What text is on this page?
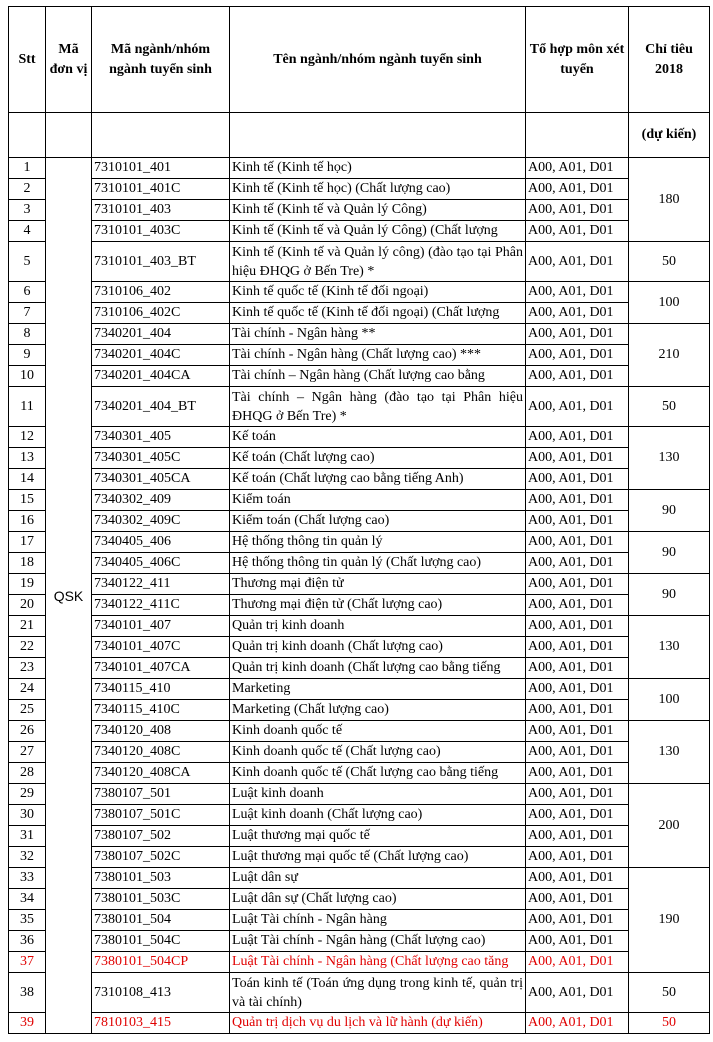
Stt	Mã đơn vị	Mã ngành/nhóm ngành tuyển sinh	Tên ngành/nhóm ngành tuyển sinh	Tổ hợp môn xét tuyển	Chỉ tiêu 2018
					(dự kiến)
1	QSK	7310101_401	Kinh tế (Kinh tế học)	A00, A01, D01	180
2		7310101_401C	Kinh tế (Kinh tế học) (Chất lượng cao)	A00, A01, D01	
3		7310101_403	Kinh tế (Kinh tế và Quản lý Công)	A00, A01, D01	
4		7310101_403C	Kinh tế (Kinh tế và Quản lý Công) (Chất lượng	A00, A01, D01	
5		7310101_403_BT	Kinh tế (Kinh tế và Quản lý công) (đào tạo tại Phân hiệu ĐHQG ở Bến Tre) *	A00, A01, D01	50
6		7310106_402	Kinh tế quốc tế (Kinh tế đối ngoại)	A00, A01, D01	100
7		7310106_402C	Kinh tế quốc tế (Kinh tế đối ngoại) (Chất lượng	A00, A01, D01	
8		7340201_404	Tài chính - Ngân hàng **	A00, A01, D01	210
9		7340201_404C	Tài chính - Ngân hàng (Chất lượng cao) ***	A00, A01, D01	
10		7340201_404CA	Tài chính – Ngân hàng (Chất lượng cao bằng	A00, A01, D01	
11		7340201_404_BT	Tài chính – Ngân hàng (đào tạo tại Phân hiệu ĐHQG ở Bến Tre) *	A00, A01, D01	50
12		7340301_405	Kế toán	A00, A01, D01	130
13		7340301_405C	Kế toán (Chất lượng cao)	A00, A01, D01	
14		7340301_405CA	Kế toán (Chất lượng cao bằng tiếng Anh)	A00, A01, D01	
15		7340302_409	Kiểm toán	A00, A01, D01	90
16		7340302_409C	Kiểm toán (Chất lượng cao)	A00, A01, D01	
17		7340405_406	Hệ thống thông tin quản lý	A00, A01, D01	90
18		7340405_406C	Hệ thống thông tin quản lý (Chất lượng cao)	A00, A01, D01	
19		7340122_411	Thương mại điện tử	A00, A01, D01	90
20		7340122_411C	Thương mại điện tử (Chất lượng cao)	A00, A01, D01	
21		7340101_407	Quản trị kinh doanh	A00, A01, D01	130
22		7340101_407C	Quản trị kinh doanh (Chất lượng cao)	A00, A01, D01	
23		7340101_407CA	Quản trị kinh doanh (Chất lượng cao bằng tiếng	A00, A01, D01	
24		7340115_410	Marketing	A00, A01, D01	100
25		7340115_410C	Marketing (Chất lượng cao)	A00, A01, D01	
26		7340120_408	Kinh doanh quốc tế	A00, A01, D01	130
27		7340120_408C	Kinh doanh quốc tế (Chất lượng cao)	A00, A01, D01	
28		7340120_408CA	Kinh doanh quốc tế (Chất lượng cao bằng tiếng	A00, A01, D01	
29		7380107_501	Luật kinh doanh	A00, A01, D01	200
30		7380107_501C	Luật kinh doanh (Chất lượng cao)	A00, A01, D01	
31		7380107_502	Luật thương mại quốc tế	A00, A01, D01	
32		7380107_502C	Luật thương mại quốc tế (Chất lượng cao)	A00, A01, D01	
33		7380101_503	Luật dân sự	A00, A01, D01	190
34		7380101_503C	Luật dân sự (Chất lượng cao)	A00, A01, D01	
35		7380101_504	Luật Tài chính - Ngân hàng	A00, A01, D01	
36		7380101_504C	Luật Tài chính - Ngân hàng (Chất lượng cao)	A00, A01, D01	
37		7380101_504CP	Luật Tài chính - Ngân hàng (Chất lượng cao tăng	A00, A01, D01	
38		7310108_413	Toán kinh tế (Toán ứng dụng trong kinh tế, quản trị và tài chính)	A00, A01, D01	50
39		7810103_415	Quản trị dịch vụ du lịch và lữ hành (dự kiến)	A00, A01, D01	50
